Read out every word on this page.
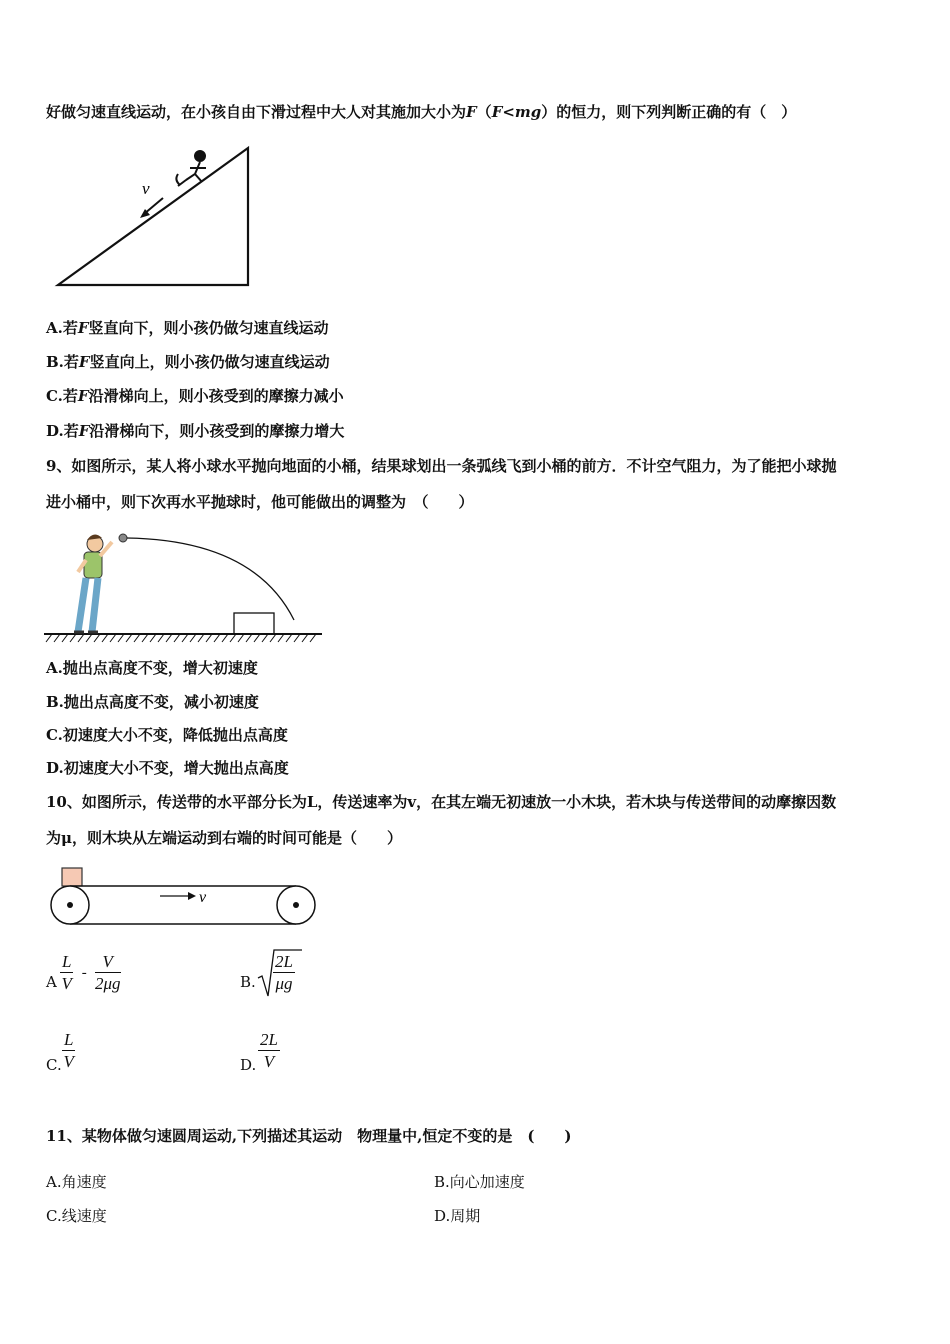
好做匀速直线运动，在小孩自由下滑过程中大人对其施加大小为F（F<mg）的恒力，则下列判断正确的有（　）
v
A.若F竖直向下，则小孩仍做匀速直线运动
B.若F竖直向上，则小孩仍做匀速直线运动
C.若F沿滑梯向上，则小孩受到的摩擦力减小
D.若F沿滑梯向下，则小孩受到的摩擦力增大
9、如图所示，某人将小球水平抛向地面的小桶，结果球划出一条弧线飞到小桶的前方．不计空气阻力，为了能把小球抛
进小桶中，则下次再水平抛球时，他可能做出的调整为　（　　）
A.抛出点高度不变，增大初速度
B.抛出点高度不变，减小初速度
C.初速度大小不变，降低抛出点高度
D.初速度大小不变，增大抛出点高度
10、如图所示，传送带的水平部分长为L，传送速率为v，在其左端无初速放一小木块，若木块与传送带间的动摩擦因数
为μ，则木块从左端运动到右端的时间可能是（　　）
v
A $\frac{L}{V} - \frac{V}{2\mu g}$	B. $\frac{2L}{\mu g}$
C. $\frac{L}{V}$	D. $\frac{2L}{V}$
11、某物体做匀速圆周运动,下列描述其运动　物理量中,恒定不变的是　(　　)
A.角速度	B.向心加速度
C.线速度	D.周期
